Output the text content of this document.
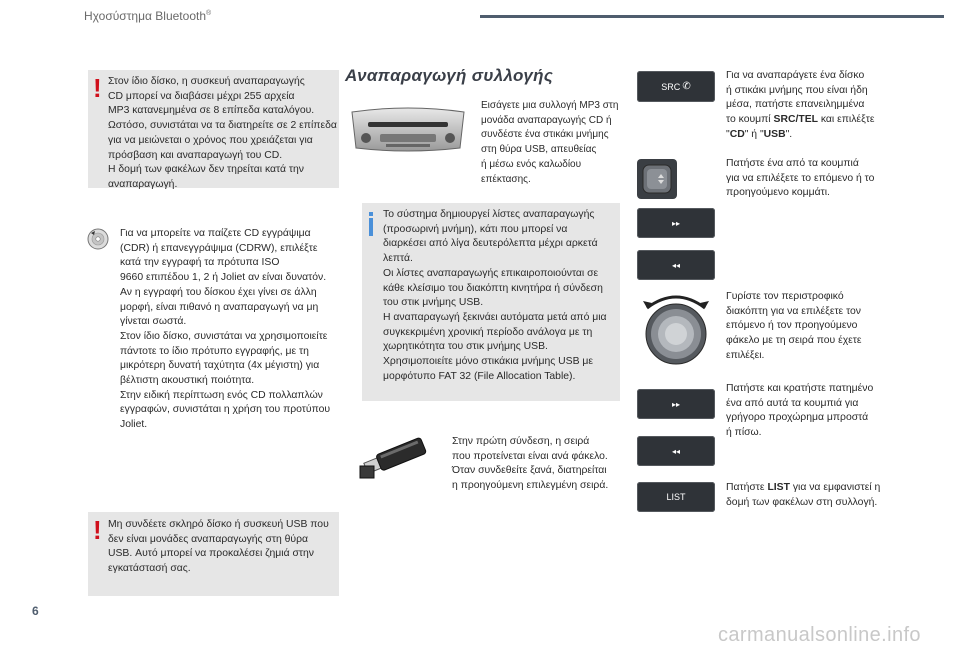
Ηχοσύστημα Bluetooth®
! Στον ίδιο δίσκο, η συσκευή αναπαραγωγής
CD μπορεί να διαβάσει μέχρι 255 αρχεία
MP3 κατανεμημένα σε 8 επίπεδα καταλόγου.
Ωστόσο, συνιστάται να τα διατηρείτε σε 2 επίπεδα
για να μειώνεται ο χρόνος που χρειάζεται για
πρόσβαση και αναπαραγωγή του CD.
Η δομή των φακέλων δεν τηρείται κατά την
αναπαραγωγή.
Για να μπορείτε να παίζετε CD εγγράψιμα
(CDR) ή επανεγγράψιμα (CDRW), επιλέξτε
κατά την εγγραφή τα πρότυπα ISO
9660 επιπέδου 1, 2 ή Joliet αν είναι δυνατόν.
Αν η εγγραφή του δίσκου έχει γίνει σε άλλη
μορφή, είναι πιθανό η αναπαραγωγή να μη
γίνεται σωστά.
Στον ίδιο δίσκο, συνιστάται να χρησιμοποιείτε
πάντοτε το ίδιο πρότυπο εγγραφής, με τη
μικρότερη δυνατή ταχύτητα (4x μέγιστη) για
βέλτιστη ακουστική ποιότητα.
Στην ειδική περίπτωση ενός CD πολλαπλών
εγγραφών, συνιστάται η χρήση του προτύπου
Joliet.
! Μη συνδέετε σκληρό δίσκο ή συσκευή USB που
δεν είναι μονάδες αναπαραγωγής στη θύρα
USB. Αυτό μπορεί να προκαλέσει ζημιά στην
εγκατάστασή σας.
Αναπαραγωγή συλλογής
Εισάγετε μια συλλογή MP3 στη
μονάδα αναπαραγωγής CD ή
συνδέστε ένα στικάκι μνήμης
στη θύρα USB, απευθείας
ή μέσω ενός καλωδίου
επέκτασης.
Το σύστημα δημιουργεί λίστες αναπαραγωγής
(προσωρινή μνήμη), κάτι που μπορεί να
διαρκέσει από λίγα δευτερόλεπτα μέχρι αρκετά
λεπτά.
Οι λίστες αναπαραγωγής επικαιροποιούνται σε
κάθε κλείσιμο του διακόπτη κινητήρα ή σύνδεση
του στικ μνήμης USB.
Η αναπαραγωγή ξεκινάει αυτόματα μετά από μια
συγκεκριμένη χρονική περίοδο ανάλογα με τη
χωρητικότητα του στικ μνήμης USB.
Χρησιμοποιείτε μόνο στικάκια μνήμης USB με
μορφότυπο FAT 32 (File Allocation Table).
Στην πρώτη σύνδεση, η σειρά
που προτείνεται είναι ανά φάκελο.
Όταν συνδεθείτε ξανά, διατηρείται
η προηγούμενη επιλεγμένη σειρά.
SRC ✆
Για να αναπαράγετε ένα δίσκο
ή στικάκι μνήμης που είναι ήδη
μέσα, πατήστε επανειλημμένα
το κουμπί SRC/TEL και επιλέξτε
"CD" ή "USB".
Πατήστε ένα από τα κουμπιά
για να επιλέξετε το επόμενο ή το
προηγούμενο κομμάτι.
▸▸
◂◂
Γυρίστε τον περιστροφικό
διακόπτη για να επιλέξετε τον
επόμενο ή τον προηγούμενο
φάκελο με τη σειρά που έχετε
επιλέξει.
▸▸
◂◂
Πατήστε και κρατήστε πατημένο
ένα από αυτά τα κουμπιά για
γρήγορο προχώρημα μπροστά
ή πίσω.
LIST
Πατήστε LIST για να εμφανιστεί η
δομή των φακέλων στη συλλογή.
6
carmanualsonline.info
